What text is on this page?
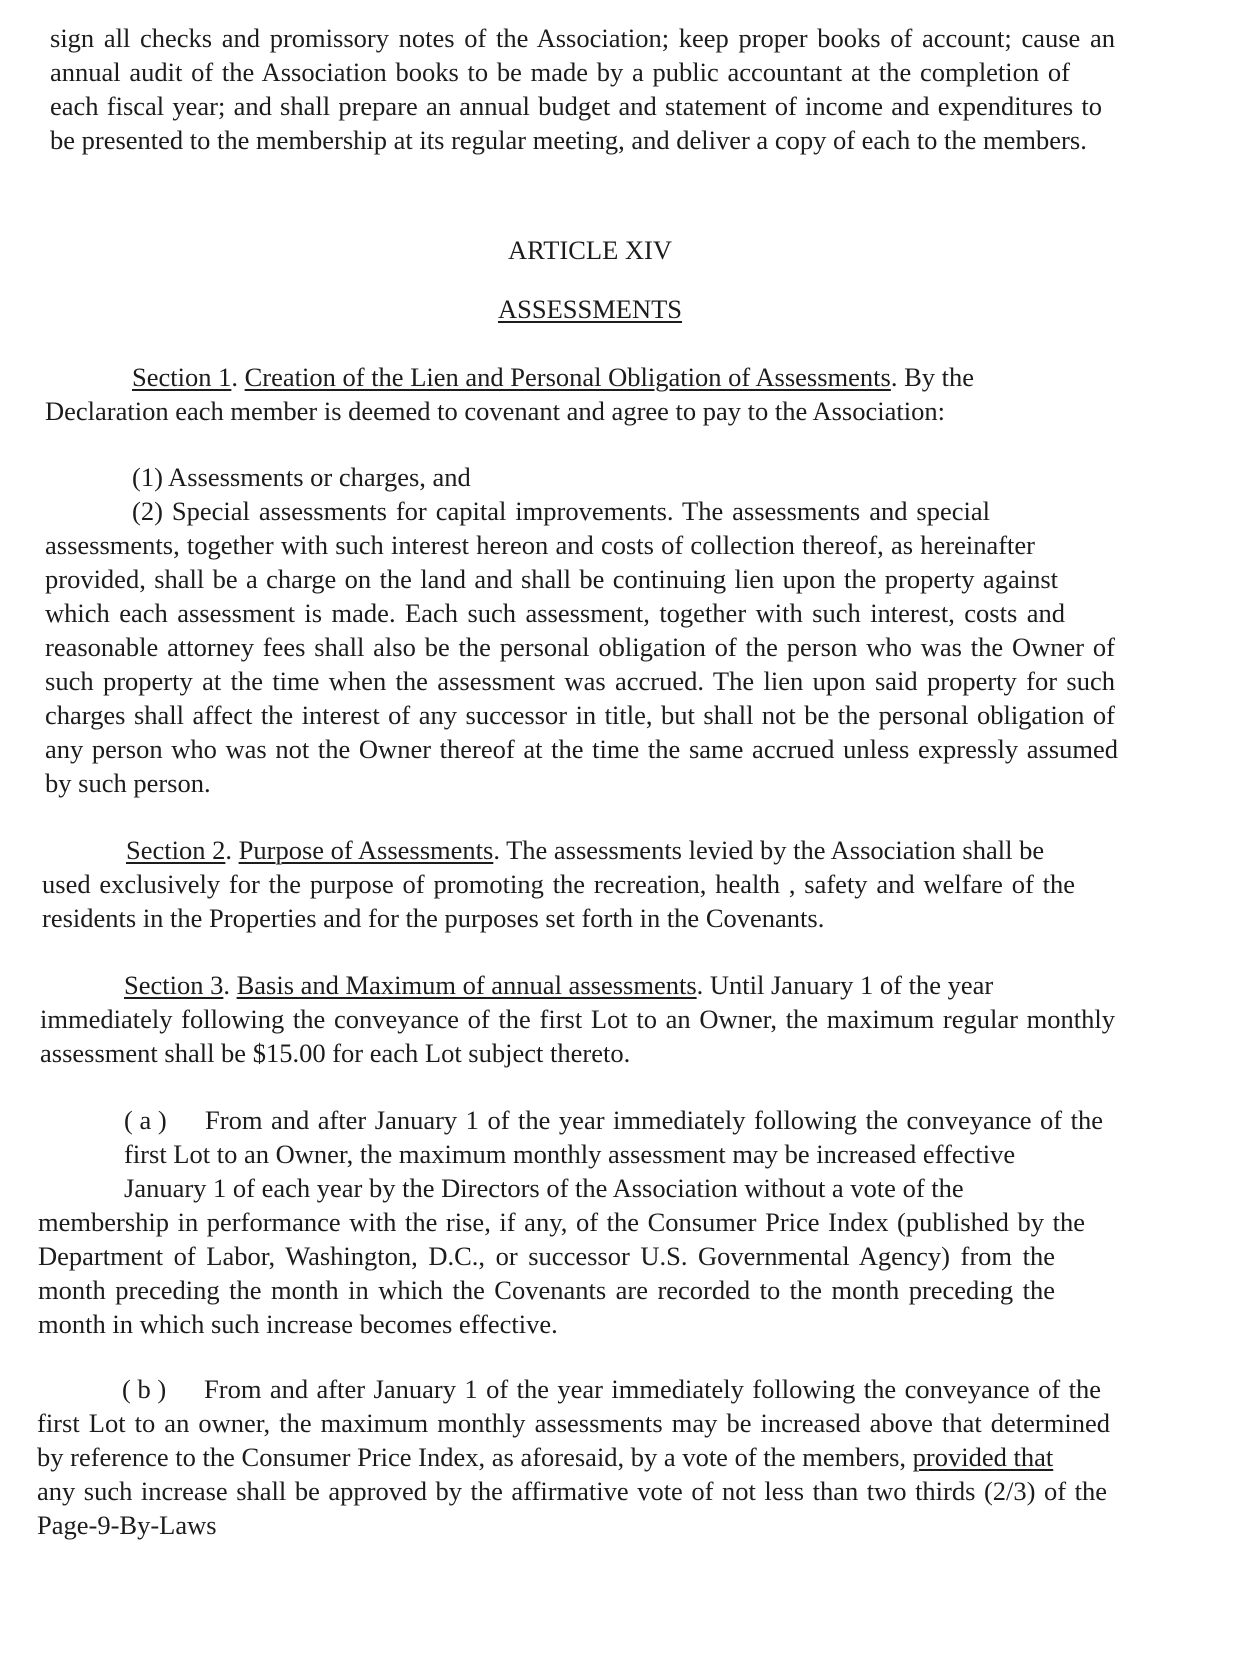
sign all checks and promissory notes of the Association; keep proper books of account; cause an
annual audit of the Association books to be made by a public accountant at the completion of
each fiscal year; and shall prepare an annual budget and statement of income and expenditures to
be presented to the membership at its regular meeting, and deliver a copy of each to the members.
ARTICLE XIV
ASSESSMENTS
Section 1. Creation of the Lien and Personal Obligation of Assessments. By the
Declaration each member is deemed to covenant and agree to pay to the Association:
(1) Assessments or charges, and
(2) Special assessments for capital improvements. The assessments and special
assessments, together with such interest hereon and costs of collection thereof, as hereinafter
provided, shall be a charge on the land and shall be continuing lien upon the property against
which each assessment is made. Each such assessment, together with such interest, costs and
reasonable attorney fees shall also be the personal obligation of the person who was the Owner of
such property at the time when the assessment was accrued. The lien upon said property for such
charges shall affect the interest of any successor in title, but shall not be the personal obligation of
any person who was not the Owner thereof at the time the same accrued unless expressly assumed
by such person.
Section 2. Purpose of Assessments. The assessments levied by the Association shall be
used exclusively for the purpose of promoting the recreation, health , safety and welfare of the
residents in the Properties and for the purposes set forth in the Covenants.
Section 3. Basis and Maximum of annual assessments. Until January 1 of the year
immediately following the conveyance of the first Lot to an Owner, the maximum regular monthly
assessment shall be $15.00 for each Lot subject thereto.
( a ) From and after January 1 of the year immediately following the conveyance of the
first Lot to an Owner, the maximum monthly assessment may be increased effective
January 1 of each year by the Directors of the Association without a vote of the
membership in performance with the rise, if any, of the Consumer Price Index (published by the
Department of Labor, Washington, D.C., or successor U.S. Governmental Agency) from the
month preceding the month in which the Covenants are recorded to the month preceding the
month in which such increase becomes effective.
( b ) From and after January 1 of the year immediately following the conveyance of the
first Lot to an owner, the maximum monthly assessments may be increased above that determined
by reference to the Consumer Price Index, as aforesaid, by a vote of the members, provided that
any such increase shall be approved by the affirmative vote of not less than two thirds (2/3) of the
Page-9-By-Laws
